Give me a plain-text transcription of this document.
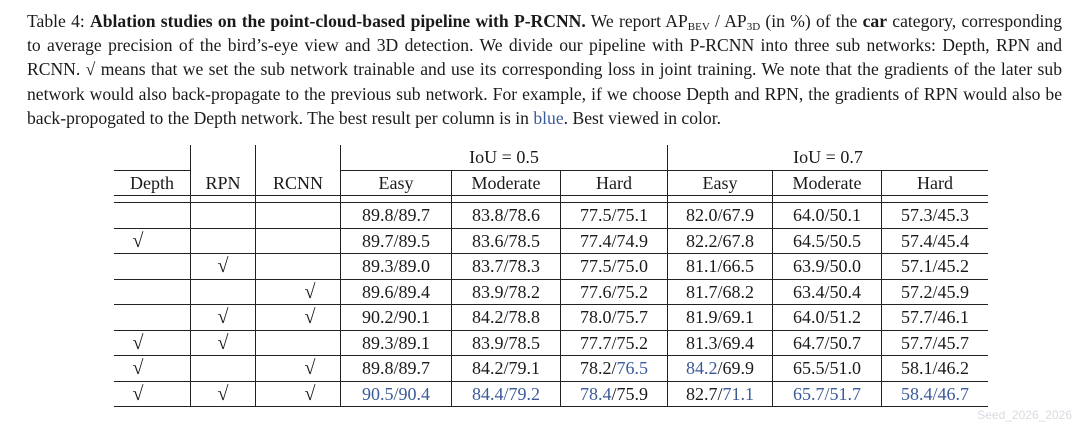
Table 4: Ablation studies on the point-cloud-based pipeline with P-RCNN. We report $AP_{BEV} / AP_{3D}$ (in %) of the car category, corresponding to average precision of the bird’s-eye view and 3D detection. We divide our pipeline with P-RCNN into three sub networks: Depth, RPN and RCNN. √ means that we set the sub network trainable and use its corresponding loss in joint training. We note that the gradients of the later sub network would also back-propagate to the previous sub network. For example, if we choose Depth and RPN, the gradients of RPN would also be back-propogated to the Depth network. The best result per column is in blue. Best viewed in color.
			IoU = 0.5			IoU = 0.7		
Depth	RPN	RCNN	Easy	Moderate	Hard	Easy	Moderate	Hard

			89.8/89.7	83.8/78.6	77.5/75.1	82.0/67.9	64.0/50.1	57.3/45.3
√			89.7/89.5	83.6/78.5	77.4/74.9	82.2/67.8	64.5/50.5	57.4/45.4
	√		89.3/89.0	83.7/78.3	77.5/75.0	81.1/66.5	63.9/50.0	57.1/45.2
		√	89.6/89.4	83.9/78.2	77.6/75.2	81.7/68.2	63.4/50.4	57.2/45.9
	√	√	90.2/90.1	84.2/78.8	78.0/75.7	81.9/69.1	64.0/51.2	57.7/46.1
√	√		89.3/89.1	83.9/78.5	77.7/75.2	81.3/69.4	64.7/50.7	57.7/45.7
√		√	89.8/89.7	84.2/79.1	78.2/76.5	84.2/69.9	65.5/51.0	58.1/46.2
√	√	√	90.5/90.4	84.4/79.2	78.4/75.9	82.7/71.1	65.7/51.7	58.4/46.7
Seed_2026_2026
